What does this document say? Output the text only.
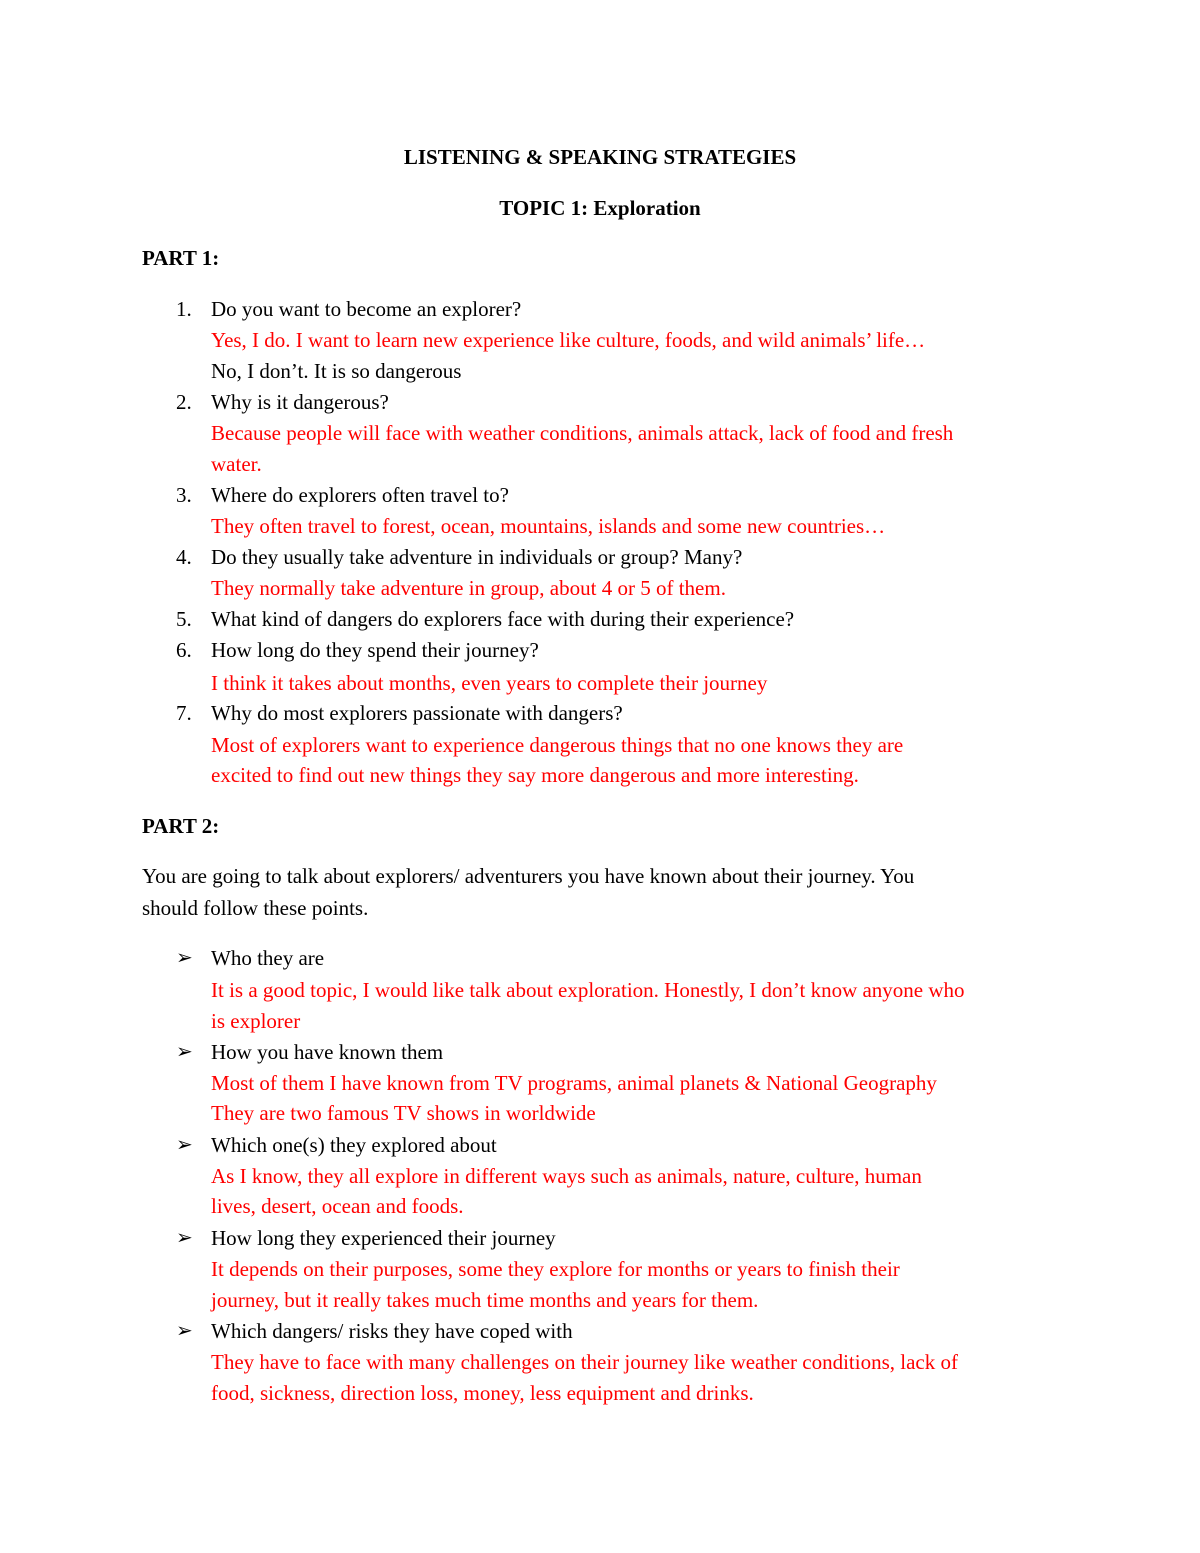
LISTENING & SPEAKING STRATEGIES
TOPIC 1: Exploration
PART 1:
1. Do you want to become an explorer?
Yes, I do. I want to learn new experience like culture, foods, and wild animals’ life…
No, I don’t. It is so dangerous
2. Why is it dangerous?
Because people will face with weather conditions, animals attack, lack of food and fresh
water.
3. Where do explorers often travel to?
They often travel to forest, ocean, mountains, islands and some new countries…
4. Do they usually take adventure in individuals or group? Many?
They normally take adventure in group, about 4 or 5 of them.
5. What kind of dangers do explorers face with during their experience?
6. How long do they spend their journey?
I think it takes about months, even years to complete their journey
7. Why do most explorers passionate with dangers?
Most of explorers want to experience dangerous things that no one knows they are
excited to find out new things they say more dangerous and more interesting.
PART 2:
You are going to talk about explorers/ adventurers you have known about their journey. You
should follow these points.
➢ Who they are
It is a good topic, I would like talk about exploration. Honestly, I don’t know anyone who
is explorer
➢ How you have known them
Most of them I have known from TV programs, animal planets & National Geography
They are two famous TV shows in worldwide
➢ Which one(s) they explored about
As I know, they all explore in different ways such as animals, nature, culture, human
lives, desert, ocean and foods.
➢ How long they experienced their journey
It depends on their purposes, some they explore for months or years to finish their
journey, but it really takes much time months and years for them.
➢ Which dangers/ risks they have coped with
They have to face with many challenges on their journey like weather conditions, lack of
food, sickness, direction loss, money, less equipment and drinks.
